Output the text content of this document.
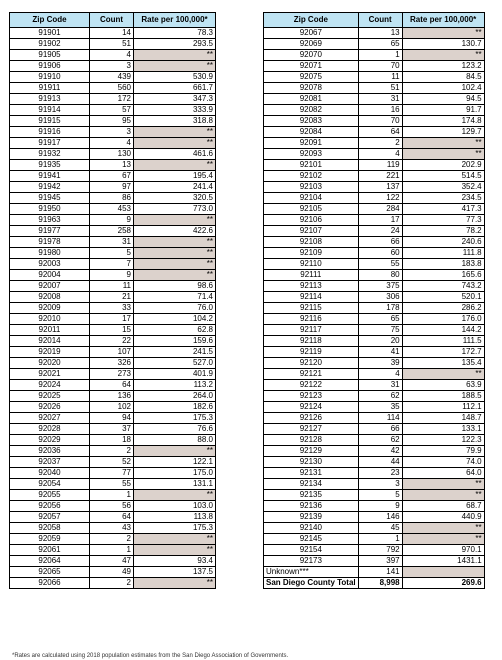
Zip Code	Count	Rate per 100,000*
91901	14	78.3
91902	51	293.5
91905	4	**
91906	3	**
91910	439	530.9
91911	560	661.7
91913	172	347.3
91914	57	333.9
91915	95	318.8
91916	3	**
91917	4	**
91932	130	461.6
91935	13	**
91941	67	195.4
91942	97	241.4
91945	86	320.5
91950	453	773.0
91963	9	**
91977	258	422.6
91978	31	**
91980	5	**
92003	7	**
92004	9	**
92007	11	98.6
92008	21	71.4
92009	33	76.0
92010	17	104.2
92011	15	62.8
92014	22	159.6
92019	107	241.5
92020	326	527.0
92021	273	401.9
92024	64	113.2
92025	136	264.0
92026	102	182.6
92027	94	175.3
92028	37	76.6
92029	18	88.0
92036	2	**
92037	52	122.1
92040	77	175.0
92054	55	131.1
92055	1	**
92056	56	103.0
92057	64	113.8
92058	43	175.3
92059	2	**
92061	1	**
92064	47	93.4
92065	49	137.5
92066	2	**
Zip Code	Count	Rate per 100,000*
92067	13	**
92069	65	130.7
92070	1	**
92071	70	123.2
92075	11	84.5
92078	51	102.4
92081	31	94.5
92082	16	91.7
92083	70	174.8
92084	64	129.7
92091	2	**
92093	4	**
92101	119	202.9
92102	221	514.5
92103	137	352.4
92104	122	234.5
92105	284	417.3
92106	17	77.3
92107	24	78.2
92108	66	240.6
92109	60	111.8
92110	55	183.8
92111	80	165.6
92113	375	743.2
92114	306	520.1
92115	178	286.2
92116	65	176.0
92117	75	144.2
92118	20	111.5
92119	41	172.7
92120	39	135.4
92121	4	**
92122	31	63.9
92123	62	188.5
92124	35	112.1
92126	114	148.7
92127	66	133.1
92128	62	122.3
92129	42	79.9
92130	44	74.0
92131	23	64.0
92134	3	**
92135	5	**
92136	9	68.7
92139	146	440.9
92140	45	**
92145	1	**
92154	792	970.1
92173	397	1431.1
Unknown***	141	
San Diego County Total	8,998	269.6
*Rates are calculated using 2018 population estimates from the San Diego Association of Governments.
